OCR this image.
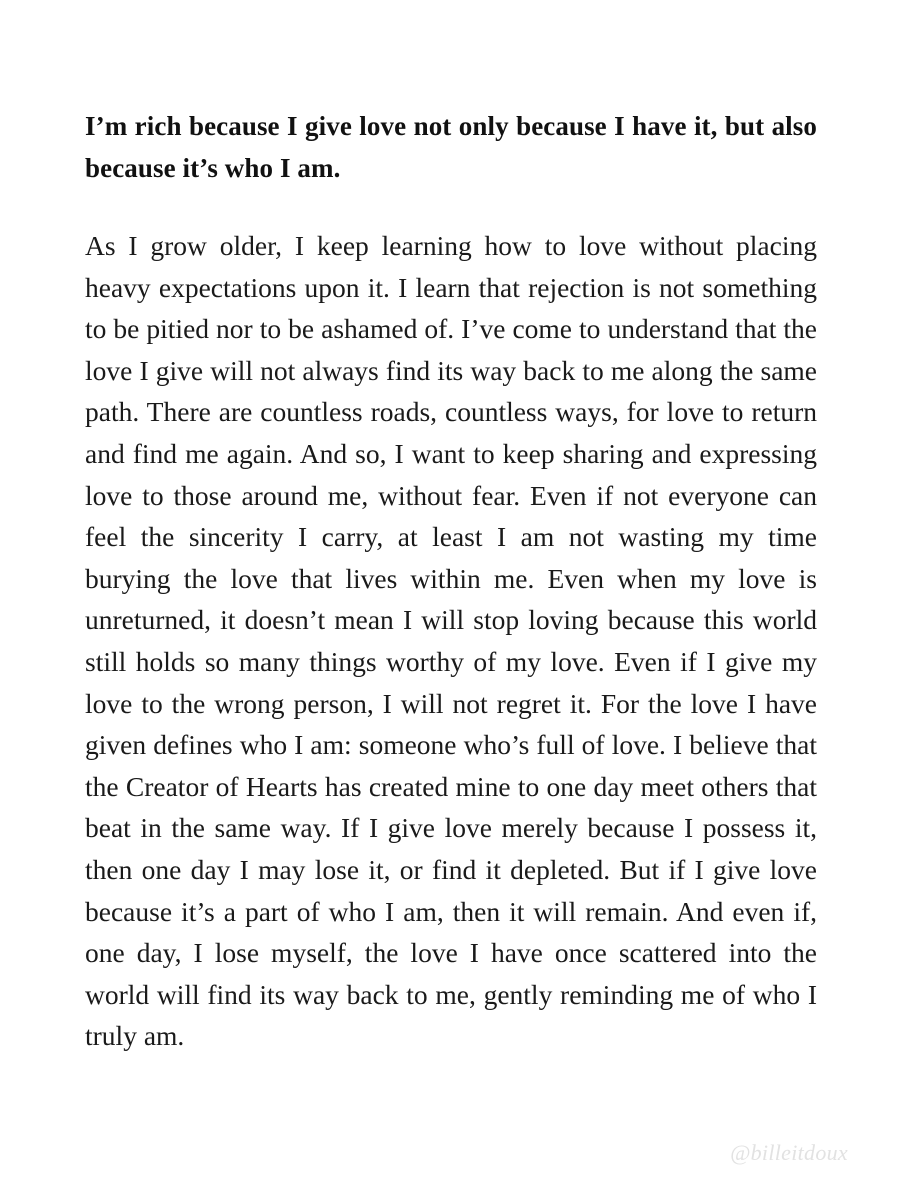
I’m rich because I give love not only because I have it, but also because it’s who I am.

As I grow older, I keep learning how to love without placing heavy expectations upon it. I learn that rejection is not something to be pitied nor to be ashamed of. I’ve come to understand that the love I give will not always find its way back to me along the same path. There are countless roads, countless ways, for love to return and find me again. And so, I want to keep sharing and expressing love to those around me, without fear. Even if not everyone can feel the sincerity I carry, at least I am not wasting my time burying the love that lives within me. Even when my love is unreturned, it doesn’t mean I will stop loving because this world still holds so many things worthy of my love. Even if I give my love to the wrong person, I will not regret it. For the love I have given defines who I am: someone who’s full of love. I believe that the Creator of Hearts has created mine to one day meet others that beat in the same way. If I give love merely because I possess it, then one day I may lose it, or find it depleted. But if I give love because it’s a part of who I am, then it will remain. And even if, one day, I lose myself, the love I have once scattered into the world will find its way back to me, gently reminding me of who I truly am.

@billeitdoux
